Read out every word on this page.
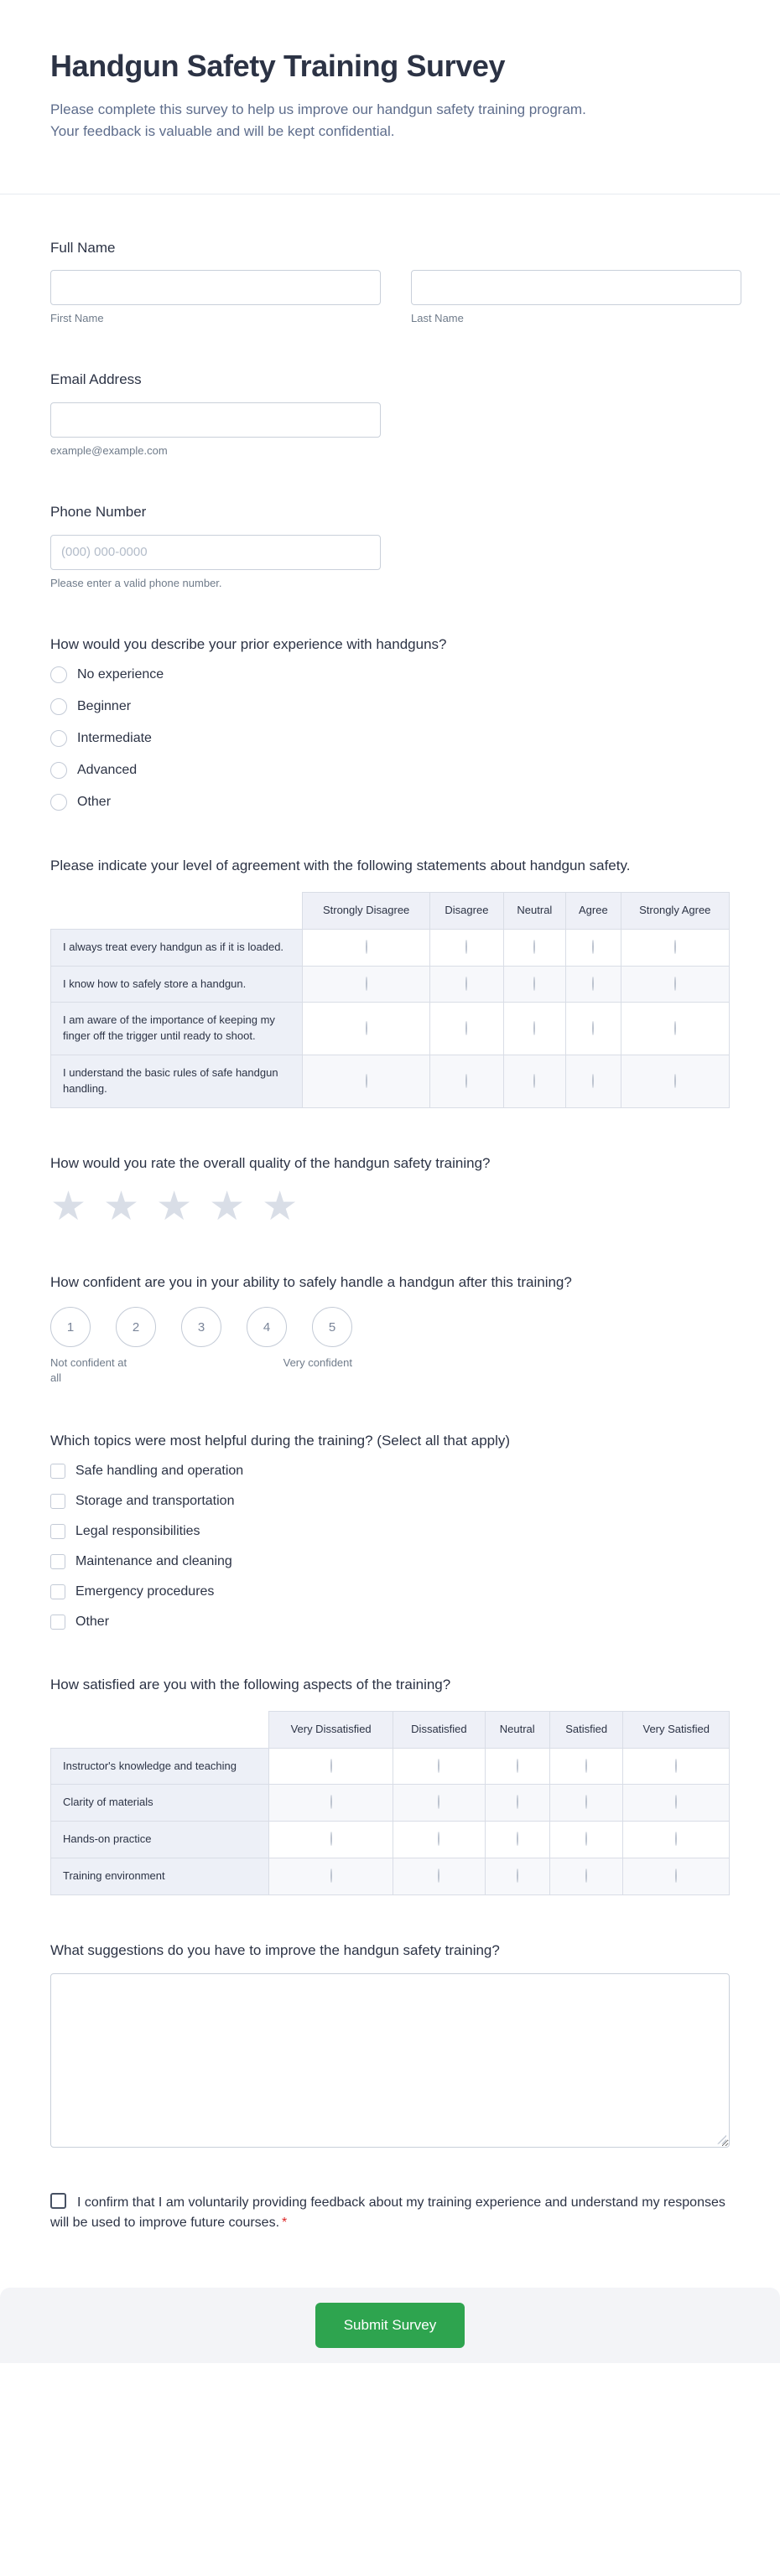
Handgun Safety Training Survey
Please complete this survey to help us improve our handgun safety training program.
Your feedback is valuable and will be kept confidential.
Full Name
First Name	Last Name
Email Address
example@example.com
Phone Number
(000) 000-0000
Please enter a valid phone number.
How would you describe your prior experience with handguns?
No experience
Beginner
Intermediate
Advanced
Other
Please indicate your level of agreement with the following statements about handgun safety.
	Strongly Disagree	Disagree	Neutral	Agree	Strongly Agree
I always treat every handgun as if it is loaded.					
I know how to safely store a handgun.					
I am aware of the importance of keeping my finger off the trigger until ready to shoot.					
I understand the basic rules of safe handgun handling.					
How would you rate the overall quality of the handgun safety training?
★
★
★
★
★
How confident are you in your ability to safely handle a handgun after this training?
1	2	3	4	5
Not confident at all
Very confident
Which topics were most helpful during the training? (Select all that apply)
Safe handling and operation
Storage and transportation
Legal responsibilities
Maintenance and cleaning
Emergency procedures
Other
How satisfied are you with the following aspects of the training?
	Very Dissatisfied	Dissatisfied	Neutral	Satisfied	Very Satisfied
Instructor's knowledge and teaching					
Clarity of materials					
Hands-on practice					
Training environment					
What suggestions do you have to improve the handgun safety training?
I confirm that I am voluntarily providing feedback about my training experience and understand my responses will be used to improve future courses. *
Submit Survey
